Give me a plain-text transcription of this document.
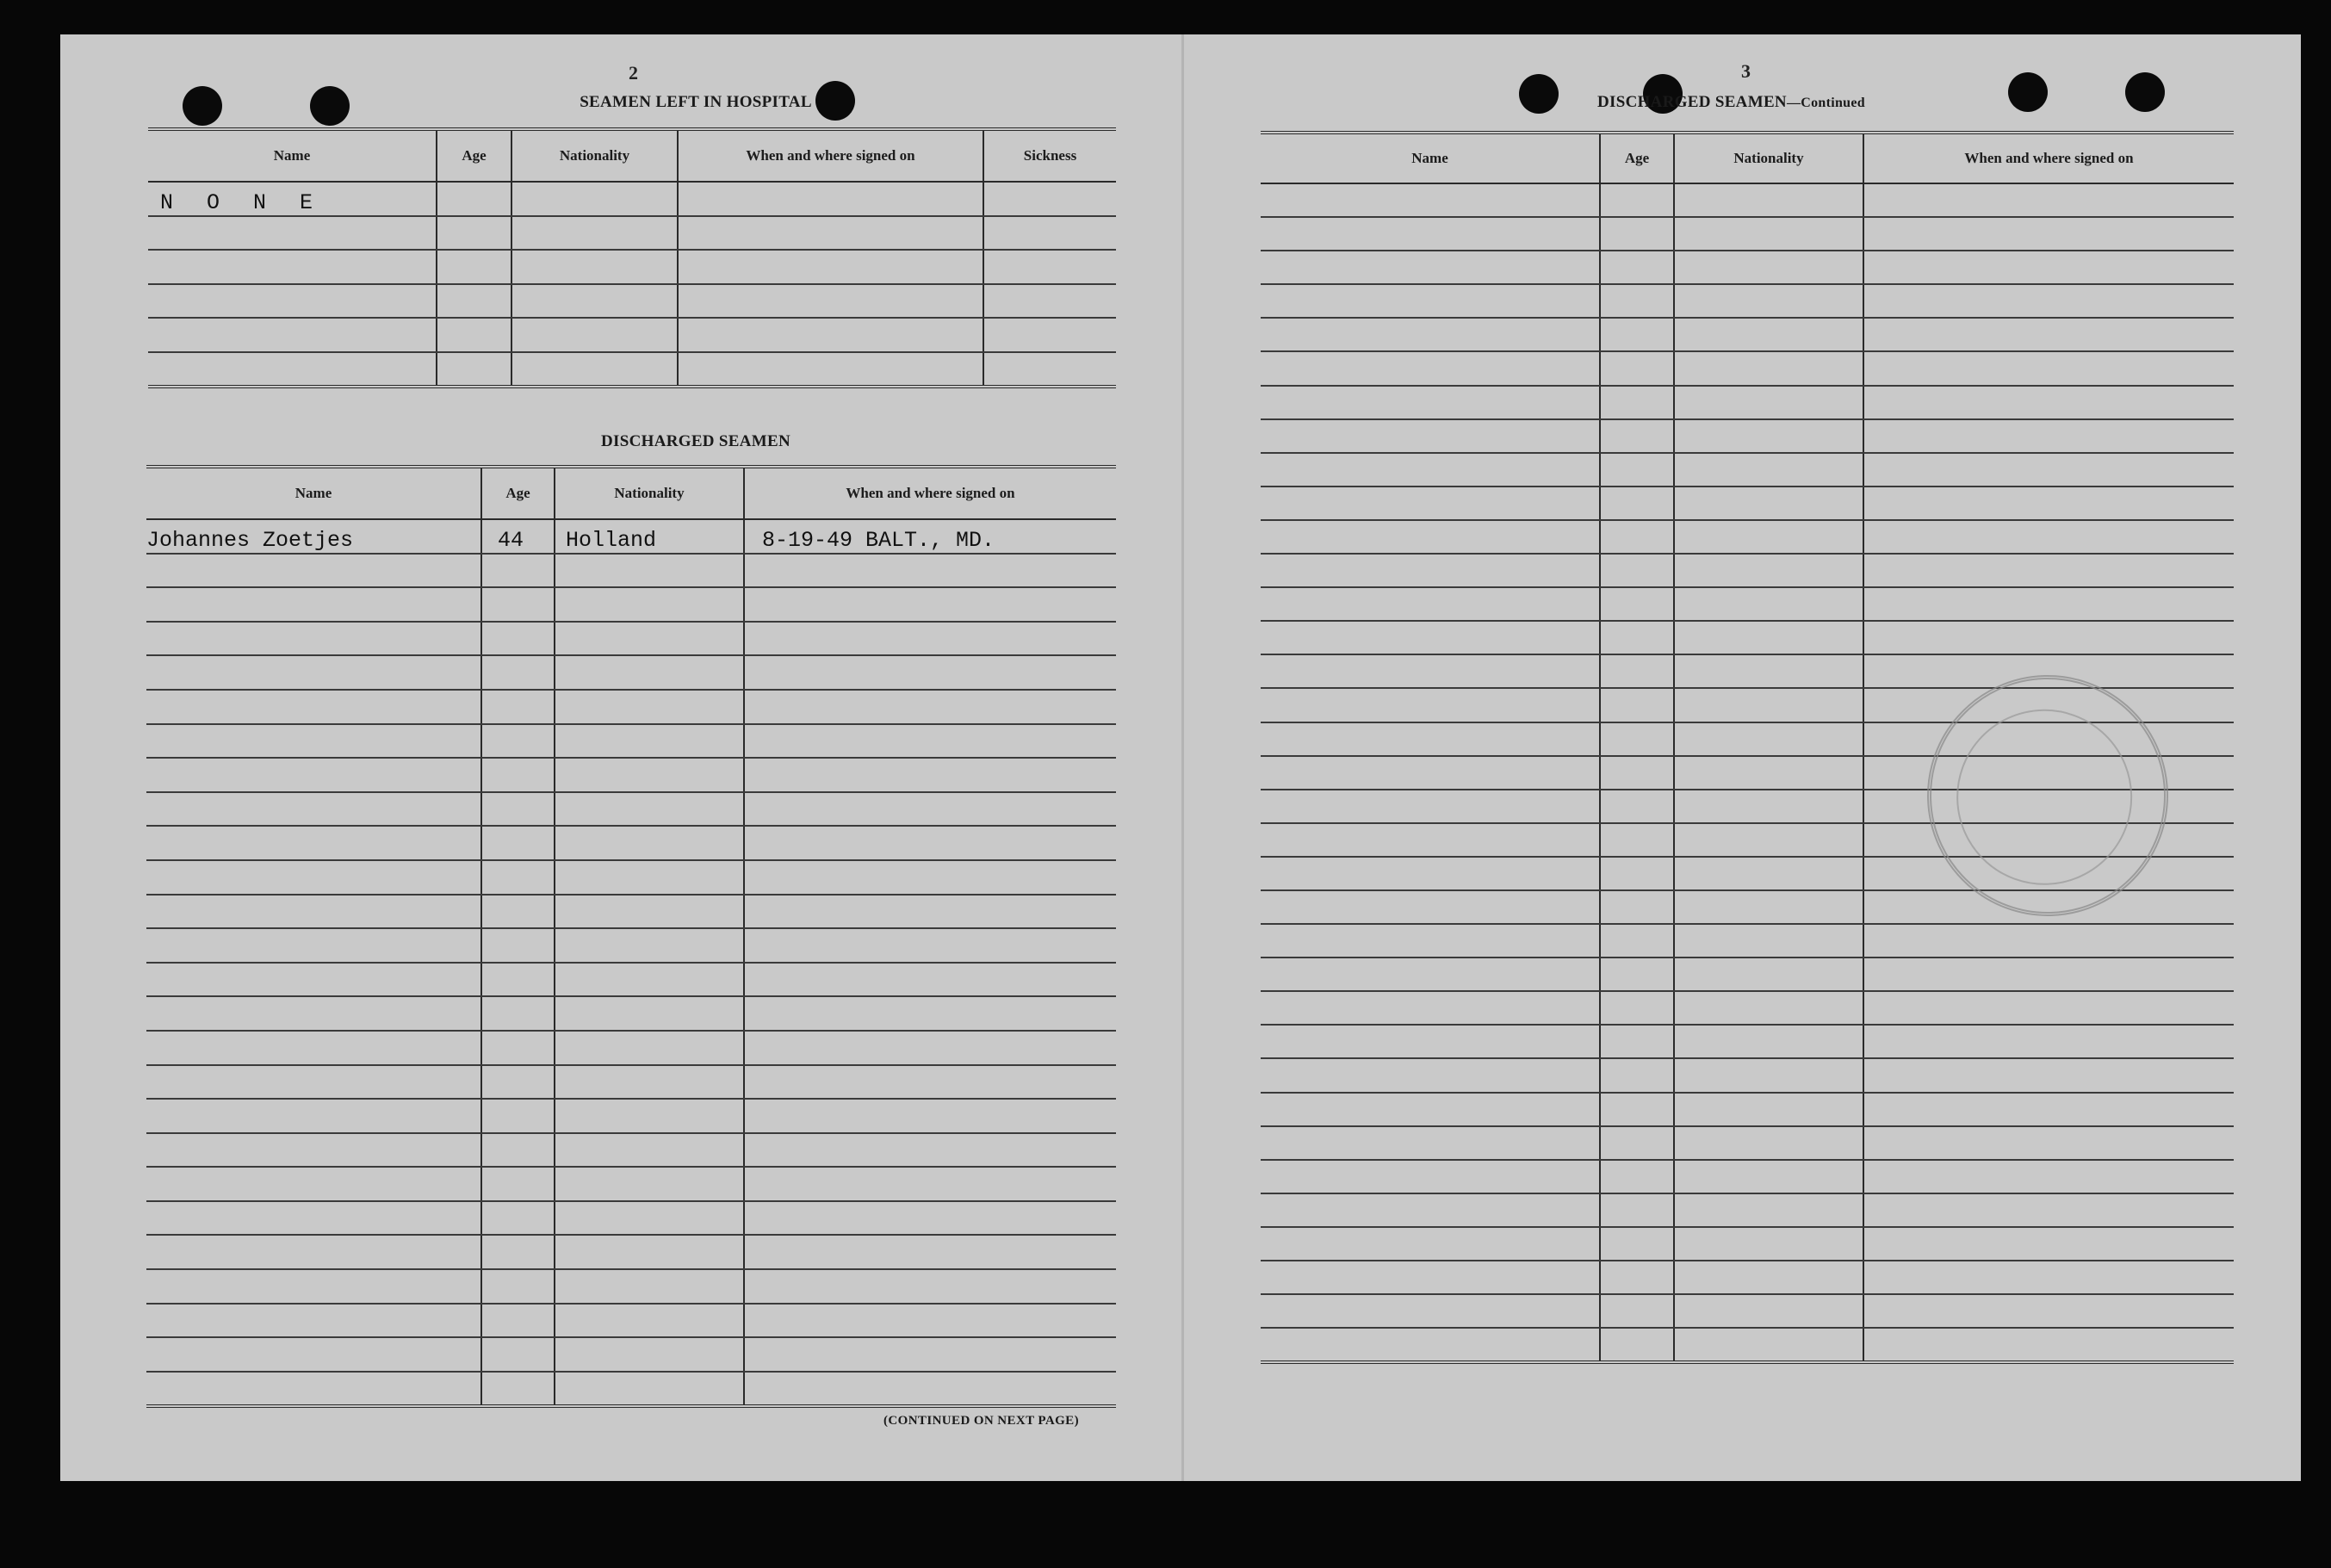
2
SEAMEN LEFT IN HOSPITAL
Name	Age	Nationality	When and where signed on	Sickness
N O N E				

DISCHARGED SEAMEN
Name	Age	Nationality	When and where signed on
Johannes Zoetjes	44	Holland	8-19-49 BALT., MD.

(CONTINUED ON NEXT PAGE)
3
DISCHARGED SEAMEN—Continued
Name	Age	Nationality	When and where signed on
